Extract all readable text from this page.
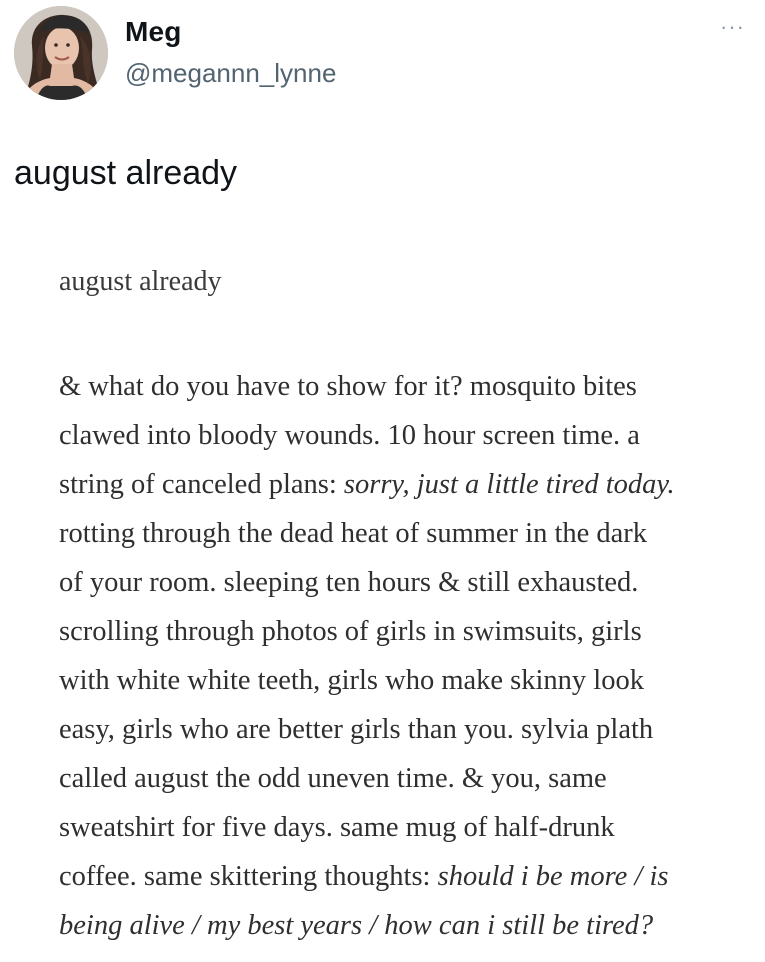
Meg
@megannn_lynne
···
august already
august already
& what do you have to show for it? mosquito bites
clawed into bloody wounds. 10 hour screen time. a
string of canceled plans: sorry, just a little tired today.
rotting through the dead heat of summer in the dark
of your room. sleeping ten hours & still exhausted.
scrolling through photos of girls in swimsuits, girls
with white white teeth, girls who make skinny look
easy, girls who are better girls than you. sylvia plath
called august the odd uneven time. & you, same
sweatshirt for five days. same mug of half-drunk
coffee. same skittering thoughts: should i be more / is
being alive / my best years / how can i still be tired?
